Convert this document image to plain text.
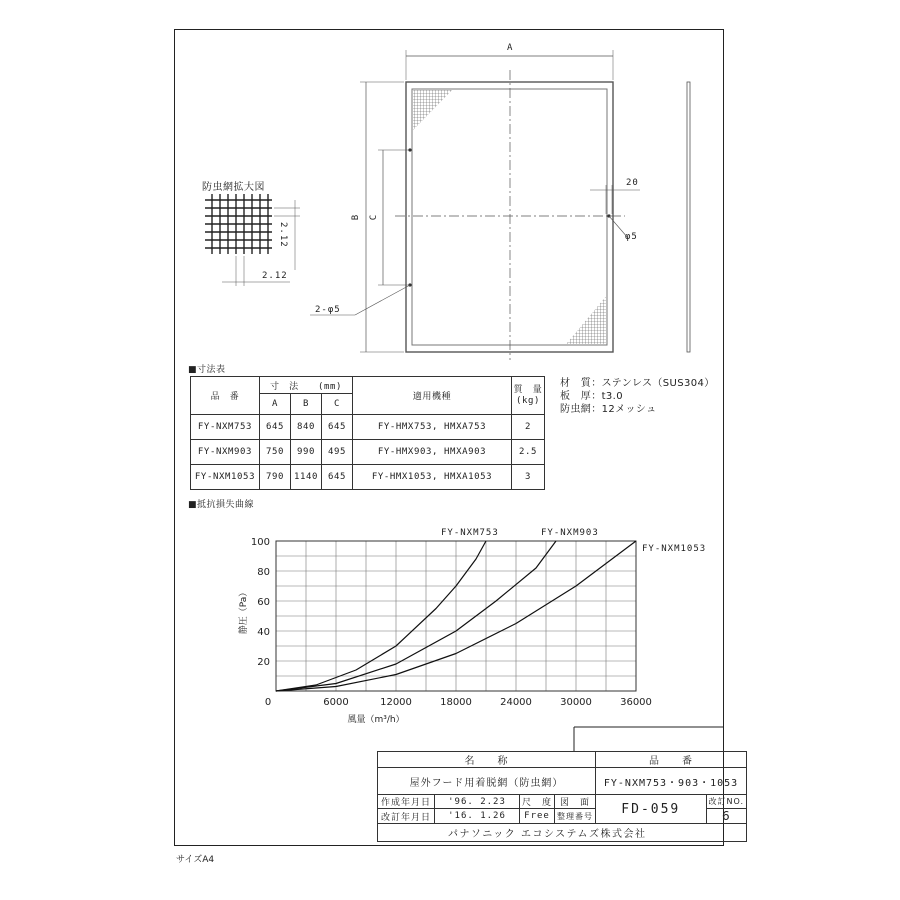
防虫網拡大図
2.12
2.12
A
B C
20
φ5
2-φ5
■寸法表
品　番	寸　法　　(mm)			適用機種	質　量
(kg)
	A	B	C		
FY-NXM753	645	840	645	FY-HMX753, HMXA753	2
FY-NXM903	750	990	495	FY-HMX903, HMXA903	2.5
FY-NXM1053	790	1140	645	FY-HMX1053, HMXA1053	3
材　質：ステンレス（SUS304）
板　厚：t3.0
防虫網：12メッシュ
■抵抗損失曲線
0	6000	12000	18000	24000	30000	36000
20
40
60
80
100
風量（m³/h）
静圧（Pa）
FY-NXM753	FY-NXM903
FY-NXM1053
名　　称				品　　番	
屋外フード用着脱網（防虫網）				FY-NXM753・903・1053	
作成年月日	'96. 2.23	尺　度	図　面	FD-059	改訂NO.
改訂年月日	'16. 1.26	Free	整理番号		6
パナソニック エコシステムズ株式会社					
サイズA4
